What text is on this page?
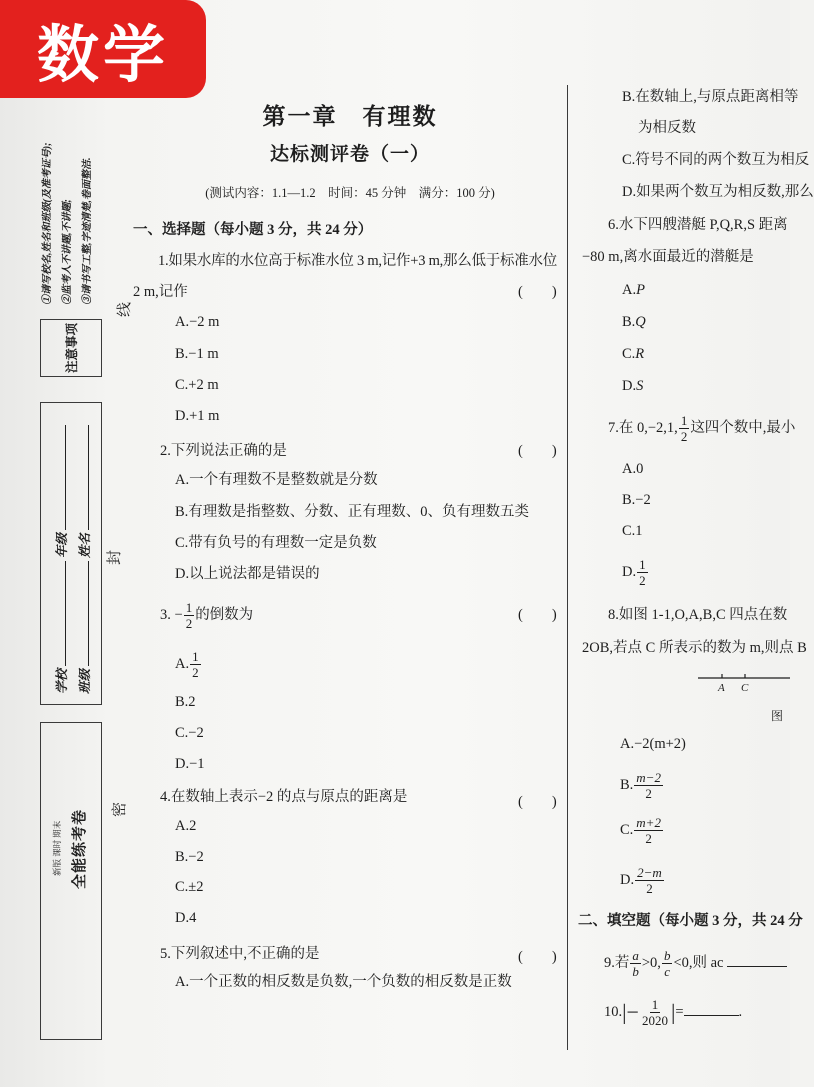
数学
新版 课时 期末 全能练考卷
学校年级
班级姓名
注意事项
①请写校名,姓名和班级(及准考证号); ②监考人不讲题,不讲题; ③请书写工整,字迹清楚,卷面整洁.
线
封
密
第一章　有理数
达标测评卷（一）
(测试内容：1.1—1.2　时间：45 分钟　满分：100 分)
一、选择题（每小题 3 分，共 24 分）
1.如果水库的水位高于标准水位 3 m,记作+3 m,那么低于标准水位
2 m,记作	(　　)
A.−2 m
B.−1 m
C.+2 m
D.+1 m
2.下列说法正确的是	(　　)
A.一个有理数不是整数就是分数
B.有理数是指整数、分数、正有理数、0、负有理数五类
C.带有负号的有理数一定是负数
D.以上说法都是错误的
3. − $\frac{1}{2}$ 的倒数为	(　　)
A. $\frac{1}{2}$
B.2
C.−2
D.−1
4.在数轴上表示−2 的点与原点的距离是	(　　)
A.2
B.−2
C.±2
D.4
5.下列叙述中,不正确的是	(　　)
A.一个正数的相反数是负数,一个负数的相反数是正数
B.在数轴上,与原点距离相等
为相反数
C.符号不同的两个数互为相反
D.如果两个数互为相反数,那么
6.水下四艘潜艇 P,Q,R,S 距离
−80 m,离水面最近的潜艇是
A.P
B.Q
C.R
D.S
7.在 0,−2,1, $\frac{1}{2}$ 这四个数中,最小
A.0
B.−2
C.1
D. $\frac{1}{2}$
8.如图 1-1,O,A,B,C 四点在数
2OB,若点 C 所表示的数为 m,则点 B
A C
图
A.−2(m+2)
B. $\frac{m-2}{2}$
C. $\frac{m+2}{2}$
D. $\frac{2-m}{2}$
二、填空题（每小题 3 分，共 24 分
9.若 $\frac{a}{b} >0$, $\frac{b}{c} <0$,则 ac
$10.|- \frac{1}{2020}$ |=	.
